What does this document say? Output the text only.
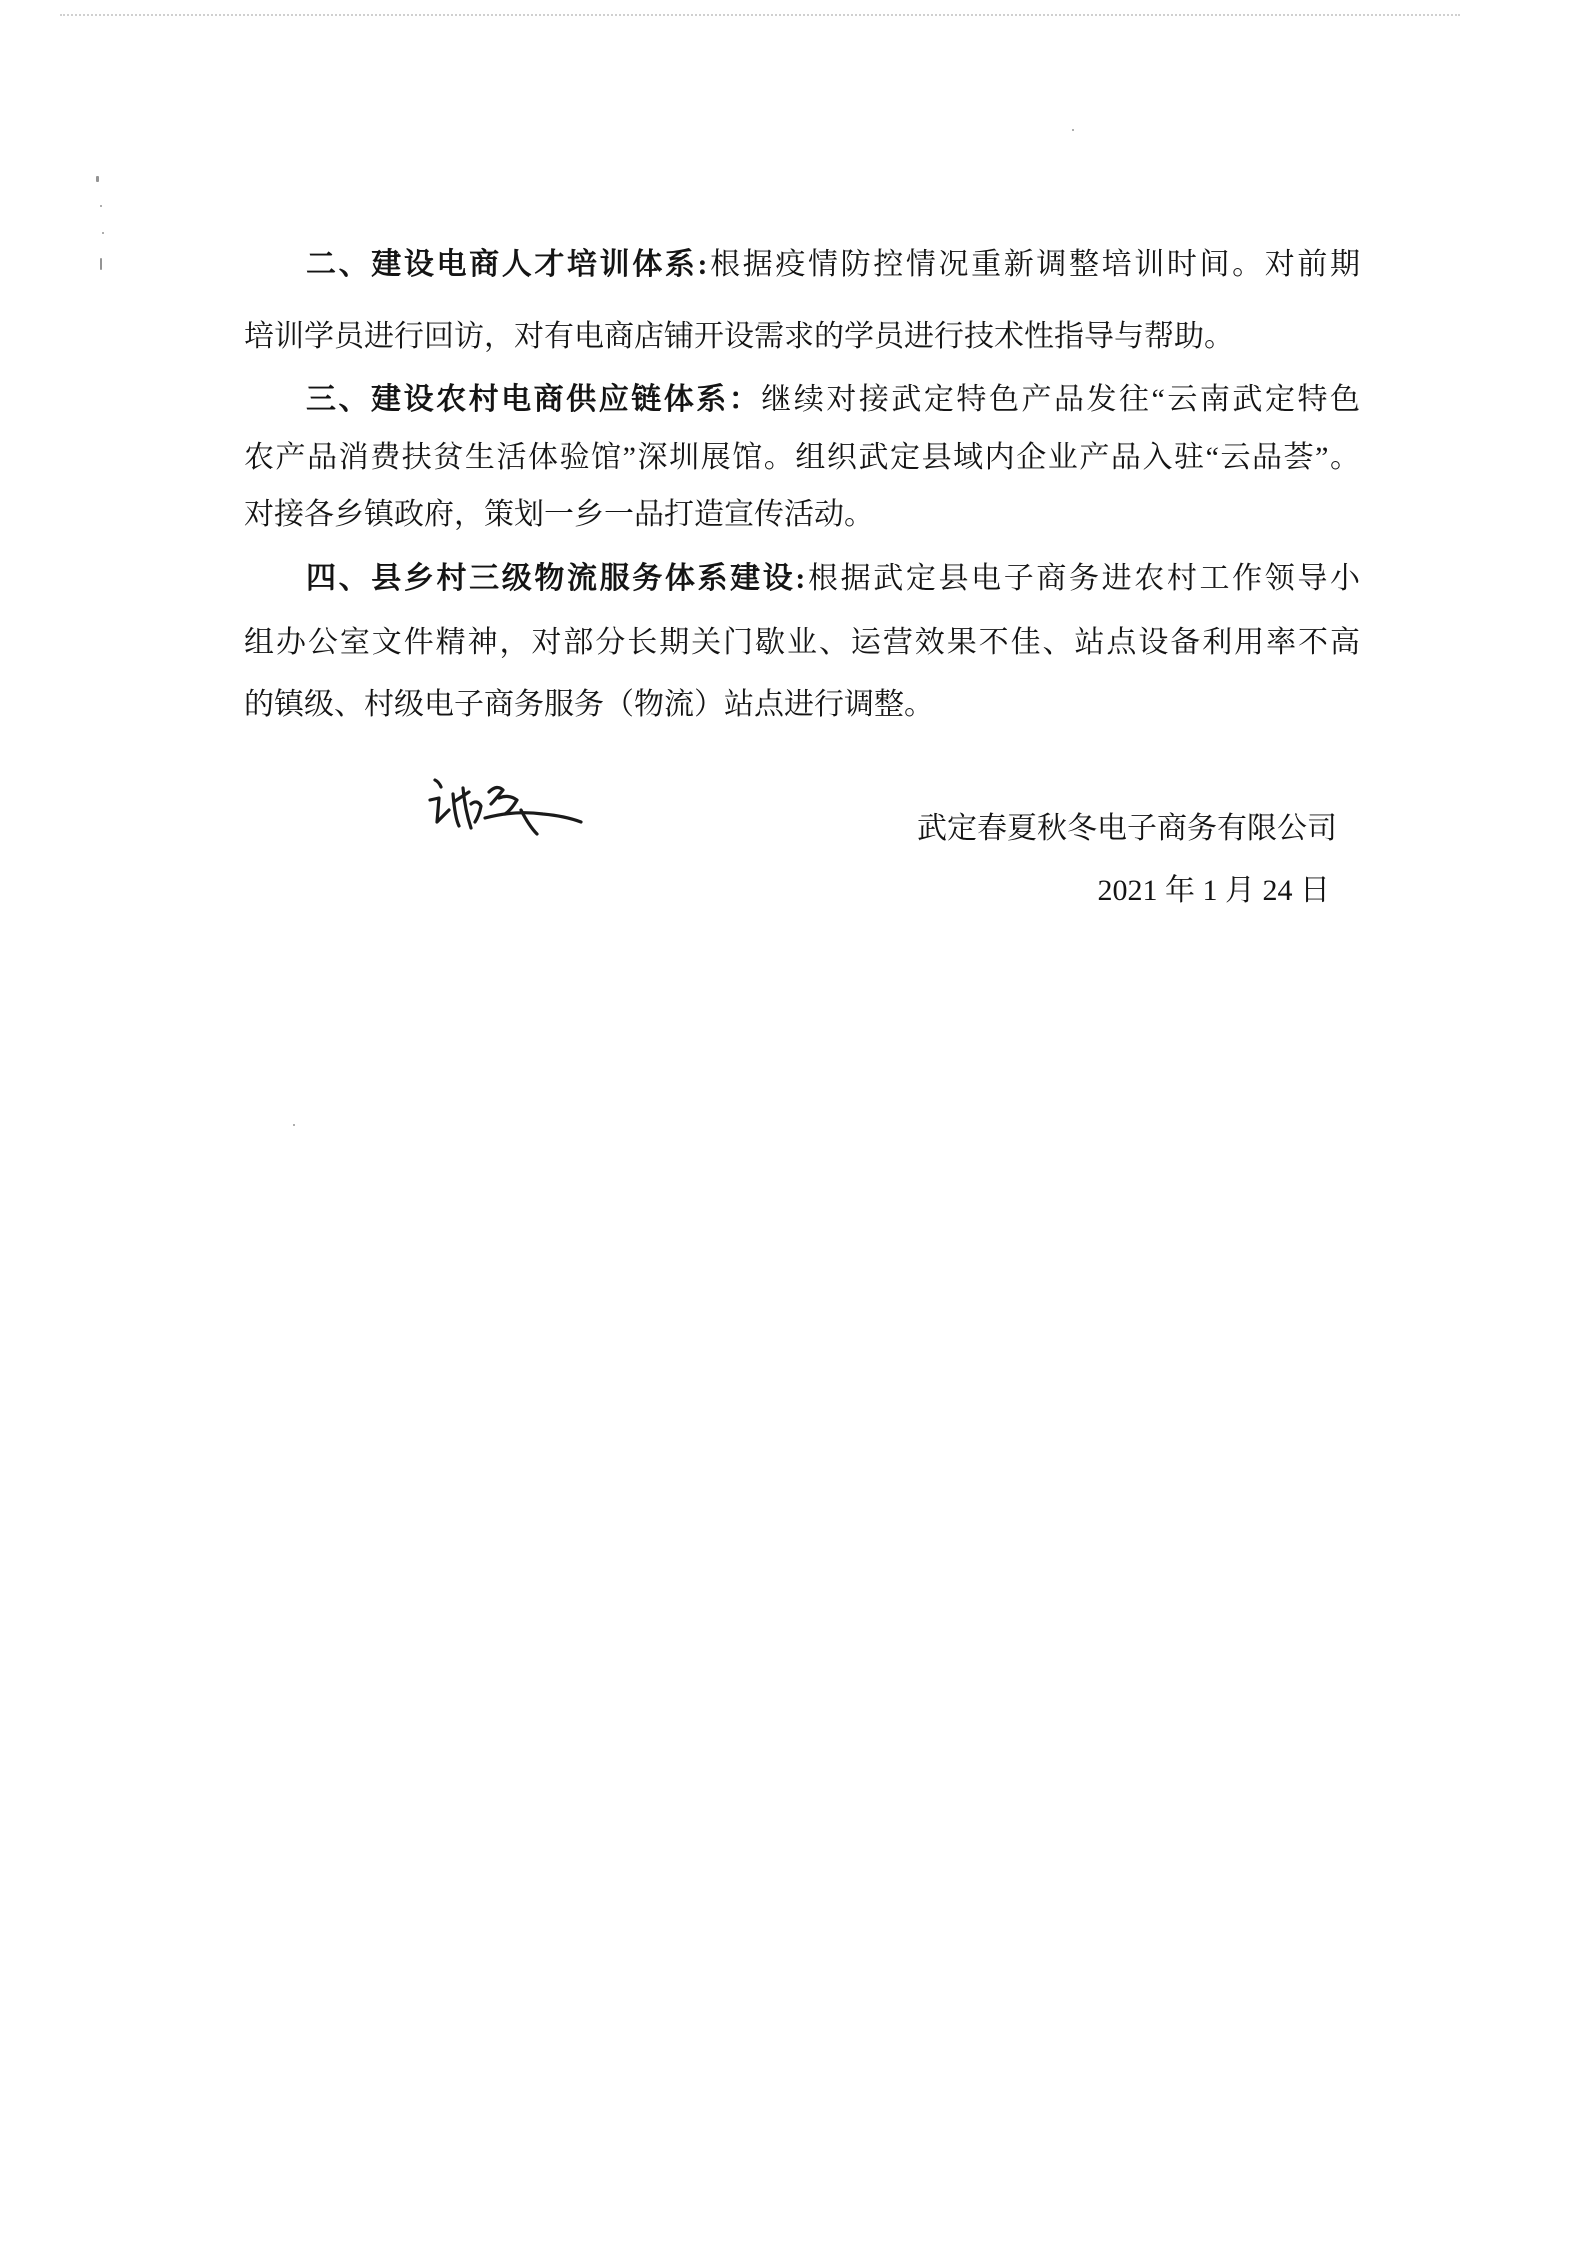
二、建设电商人才培训体系:根据疫情防控情况重新调整培训时间。对前期
培训学员进行回访，对有电商店铺开设需求的学员进行技术性指导与帮助。
三、建设农村电商供应链体系：继续对接武定特色产品发往“云南武定特色
农产品消费扶贫生活体验馆”深圳展馆。组织武定县域内企业产品入驻“云品荟”。
对接各乡镇政府，策划一乡一品打造宣传活动。
四、县乡村三级物流服务体系建设:根据武定县电子商务进农村工作领导小
组办公室文件精神，对部分长期关门歇业、运营效果不佳、站点设备利用率不高
的镇级、村级电子商务服务（物流）站点进行调整。
武定春夏秋冬电子商务有限公司
2021 年 1 月 24 日
